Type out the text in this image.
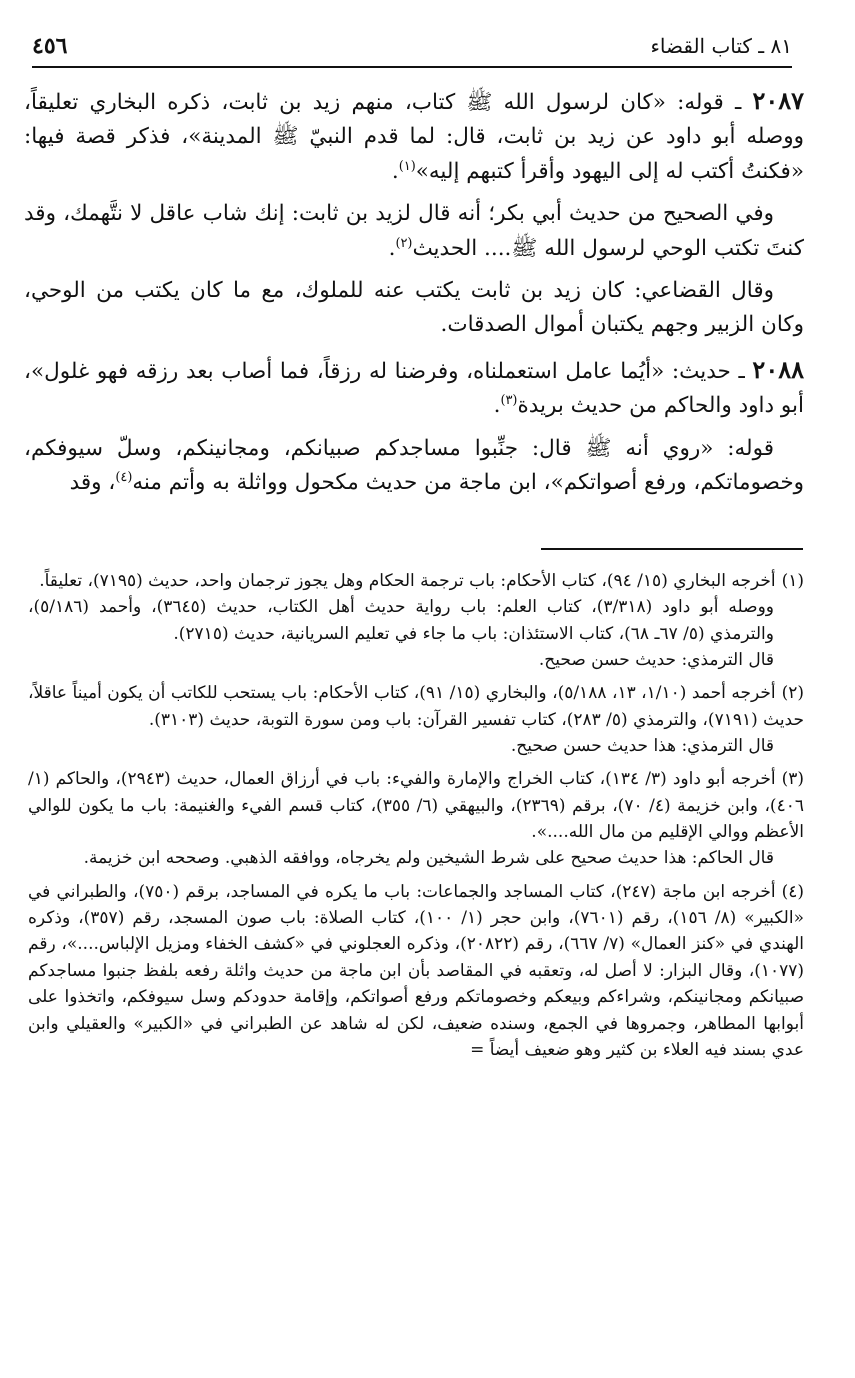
٨١ ـ كتاب القضاء
٤٥٦

٢٠٨٧ ـ قوله: «كان لرسول الله ﷺ كتاب، منهم زيد بن ثابت، ذكره البخاري تعليقاً، ووصله أبو داود عن زيد بن ثابت، قال: لما قدم النبيّ ﷺ المدينة»، فذكر قصة فيها: «فكنتُ أكتب له إلى اليهود وأقرأ كتبهم إليه»$^{(١)}$.

وفي الصحيح من حديث أبي بكر؛ أنه قال لزيد بن ثابت: إنك شاب عاقل لا نتَّهمك، وقد كنتَ تكتب الوحي لرسول الله ﷺ.... الحديث$^{(٢)}$.

وقال القضاعي: كان زيد بن ثابت يكتب عنه للملوك، مع ما كان يكتب من الوحي، وكان الزبير وجهم يكتبان أموال الصدقات.

٢٠٨٨ ـ حديث: «أيُما عامل استعملناه، وفرضنا له رزقاً، فما أصاب بعد رزقه فهو غلول»، أبو داود والحاكم من حديث بريدة$^{(٣)}$.

قوله: «روي أنه ﷺ قال: جنِّبوا مساجدكم صبيانكم، ومجانينكم، وسلّ سيوفكم، وخصوماتكم، ورفع أصواتكم»، ابن ماجة من حديث مكحول وواثلة به وأتم منه$^{(٤)}$، وقد

(١)أخرجه البخاري (١٥/ ٩٤)، كتاب الأحكام: باب ترجمة الحكام وهل يجوز ترجمان واحد، حديث (٧١٩٥)، تعليقاً.

ووصله أبو داود (٣/٣١٨)، كتاب العلم: باب رواية حديث أهل الكتاب، حديث (٣٦٤٥)، وأحمد (٥/١٨٦)، والترمذي (٥/ ٦٧ـ ٦٨)، كتاب الاستئذان: باب ما جاء في تعليم السريانية، حديث (٢٧١٥).

قال الترمذي: حديث حسن صحيح.

(٢)أخرجه أحمد (١/١٠، ١٣، ٥/١٨٨)، والبخاري (١٥/ ٩١)، كتاب الأحكام: باب يستحب للكاتب أن يكون أميناً عاقلاً، حديث (٧١٩١)، والترمذي (٥/ ٢٨٣)، كتاب تفسير القرآن: باب ومن سورة التوبة، حديث (٣١٠٣).

قال الترمذي: هذا حديث حسن صحيح.

(٣)أخرجه أبو داود (٣/ ١٣٤)، كتاب الخراج والإمارة والفيء: باب في أرزاق العمال، حديث (٢٩٤٣)، والحاكم (١/ ٤٠٦)، وابن خزيمة (٤/ ٧٠)، برقم (٢٣٦٩)، والبيهقي (٦/ ٣٥٥)، كتاب قسم الفيء والغنيمة: باب ما يكون للوالي الأعظم ووالي الإقليم من مال الله....».

قال الحاكم: هذا حديث صحيح على شرط الشيخين ولم يخرجاه، ووافقه الذهبي. وصححه ابن خزيمة.

(٤)أخرجه ابن ماجة (٢٤٧)، كتاب المساجد والجماعات: باب ما يكره في المساجد، برقم (٧٥٠)، والطبراني في «الكبير» (٨/ ١٥٦)، رقم (٧٦٠١)، وابن حجر (١/ ١٠٠)، كتاب الصلاة: باب صون المسجد، رقم (٣٥٧)، وذكره الهندي في «كنز العمال» (٧/ ٦٦٧)، رقم (٢٠٨٢٢)، وذكره العجلوني في «كشف الخفاء ومزيل الإلباس....»، رقم (١٠٧٧)، وقال البزار: لا أصل له، وتعقبه في المقاصد بأن ابن ماجة من حديث واثلة رفعه بلفظ جنبوا مساجدكم صبيانكم ومجانينكم، وشراءكم وبيعكم وخصوماتكم ورفع أصواتكم، وإقامة حدودكم وسل سيوفكم، واتخذوا على أبوابها المطاهر، وجمروها في الجمع، وسنده ضعيف، لكن له شاهد عن الطبراني في «الكبير» والعقيلي وابن عدي بسند فيه العلاء بن كثير وهو ضعيف أيضاً =
